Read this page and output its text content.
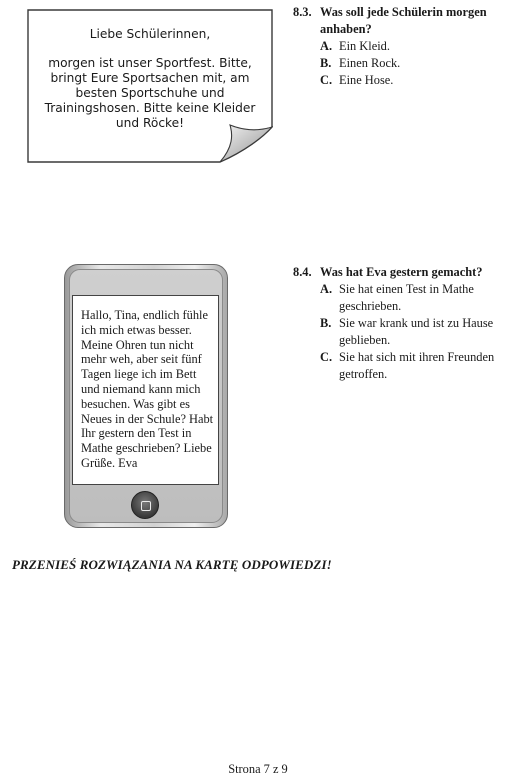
Liebe Schülerinnen,
morgen ist unser Sportfest. Bitte, bringt Eure Sportsachen mit, am besten Sportschuhe und Trainingshosen. Bitte keine Kleider und Röcke!
8.3. Was soll jede Schülerin morgen anhaben?
A. Ein Kleid.
B. Einen Rock.
C. Eine Hose.
Hallo, Tina, endlich fühle ich mich etwas besser. Meine Ohren tun nicht mehr weh, aber seit fünf Tagen liege ich im Bett und niemand kann mich besuchen. Was gibt es Neues in der Schule? Habt Ihr gestern den Test in Mathe geschrieben? Liebe Grüße. Eva
8.4. Was hat Eva gestern gemacht?
A. Sie hat einen Test in Mathe geschrieben.
B. Sie war krank und ist zu Hause geblieben.
C. Sie hat sich mit ihren Freunden getroffen.
PRZENIEŚ ROZWIĄZANIA NA KARTĘ ODPOWIEDZI!
Strona 7 z 9
